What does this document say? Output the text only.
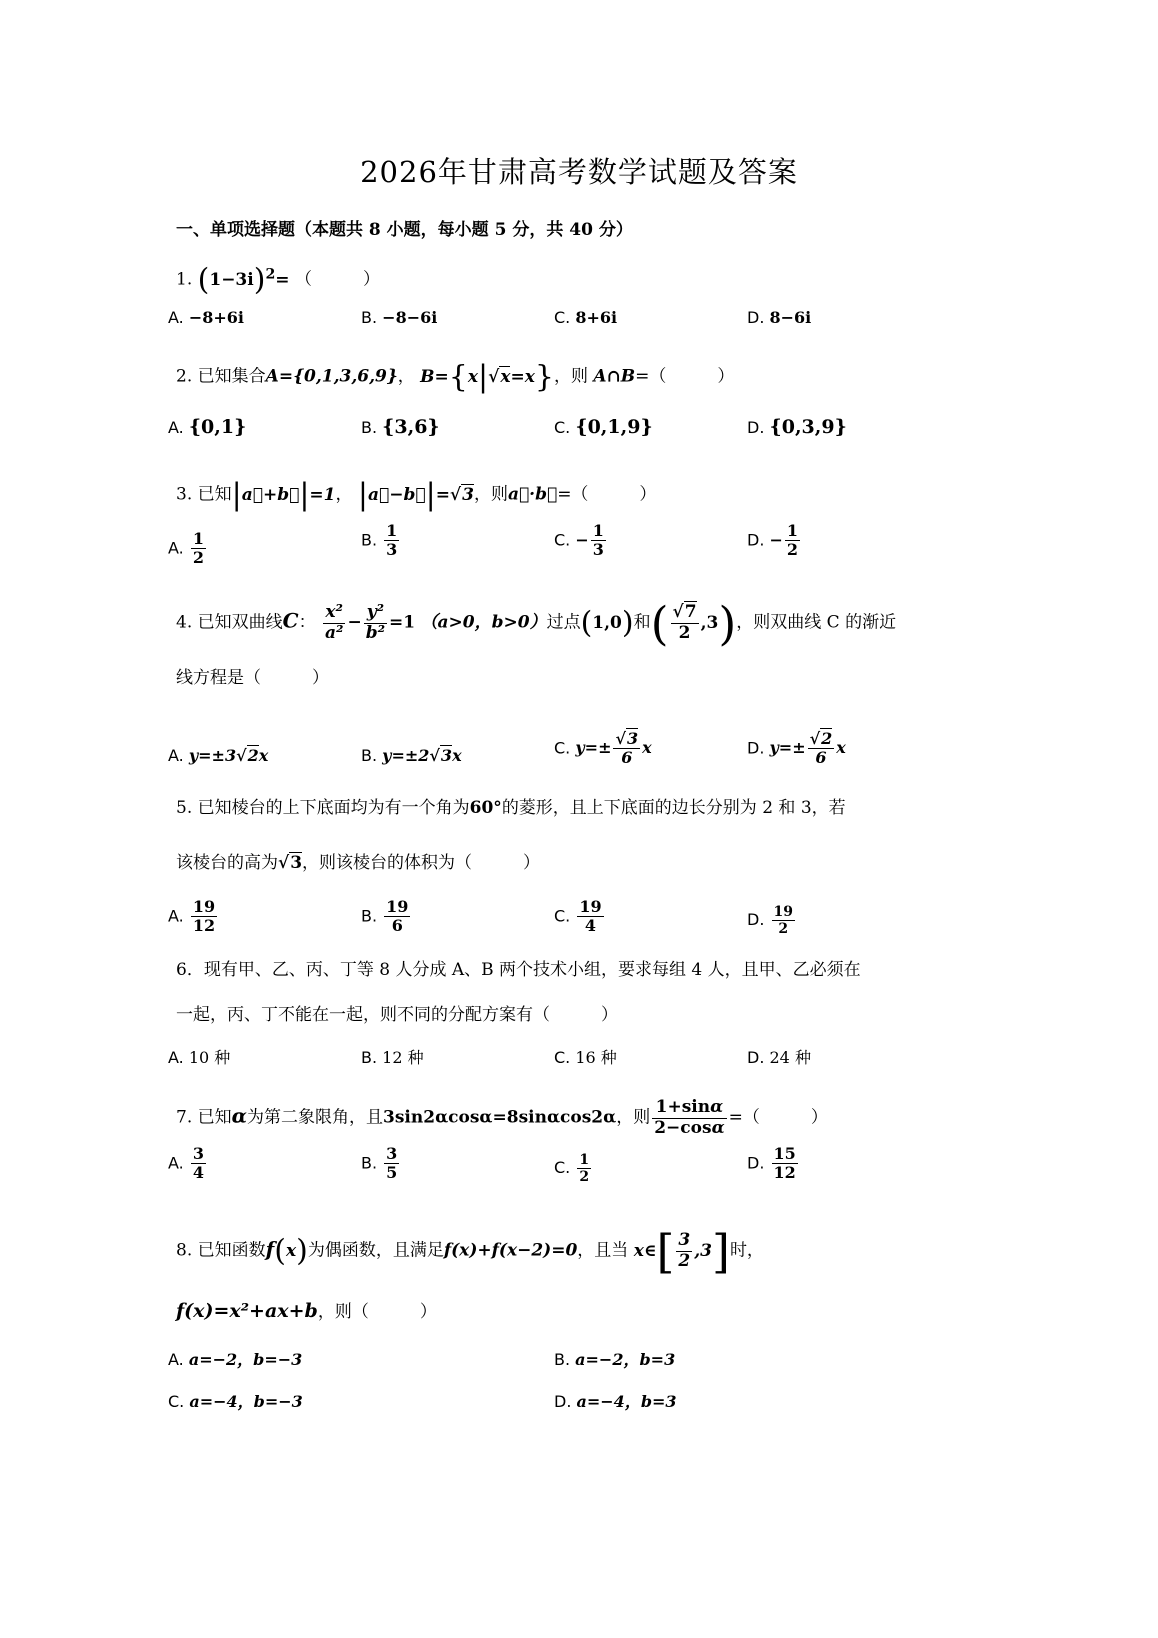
2026年甘肃高考数学试题及答案
一、单项选择题（本题共 8 小题，每小题 5 分，共 40 分）
1. $(1-3i)^2=$ （　　　）
A. −8+6i	B. −8−6i	C. 8+6i	D. 8−6i
2. 已知集合A={0,1,3,6,9}， B={x|√x=x}，则 A∩B=（　　　）
A. {0,1}	B. {3,6}	C. {0,1,9}	D. {0,3,9}
3. 已知|a⃗+b⃗|=1， |a⃗−b⃗|=√3，则a⃗·b⃗=（　　　）
A. $\frac{1}{2}$	B. $\frac{1}{3}$	C. − $\frac{1}{3}$	D. − $\frac{1}{2}$
4. 已知双曲线C： $\frac{\text{x²}}{\text{a²}} - \frac{\text{y²}}{\text{b²}} =1$ （a>0，b>0）过点(1,0)和( $\frac{√7}{2} ,3$)，则双曲线 C 的渐近
线方程是（　　　）
A. y=±3√2x	B. y=±2√3x	C. $y=\pm \frac{√3}{6}$ x	D. $y=\pm \frac{√2}{6}$ x
5. 已知棱台的上下底面均为有一个角为60°的菱形，且上下底面的边长分别为 2 和 3，若
该棱台的高为√3，则该棱台的体积为（　　　）
A. $\frac{19}{12}$	B. $\frac{19}{6}$	C. $\frac{19}{4}$	D. $\frac{19}{2}$
6．现有甲、乙、丙、丁等 8 人分成 A、B 两个技术小组，要求每组 4 人，且甲、乙必须在
一起，丙、丁不能在一起，则不同的分配方案有（　　　）
A. 10 种	B. 12 种	C. 16 种	D. 24 种
7. 已知α为第二象限角，且3sin2αcosα=8sinαcos2α，则 $\frac{1+\sin\alpha}{2-\cos\alpha}$ =（　　　）
A. $\frac{3}{4}$	B. $\frac{3}{5}$	C. $\frac{1}{2}$	D. $\frac{15}{12}$
8. 已知函数f(x)为偶函数，且满足f(x)+f(x−2)=0，且当 x∈[ $\frac{3}{2} ,3$]时，
f(x)=x²+ax+b，则（　　　）
A. a=−2，b=−3	B. a=−2，b=3
C. a=−4，b=−3	D. a=−4，b=3
